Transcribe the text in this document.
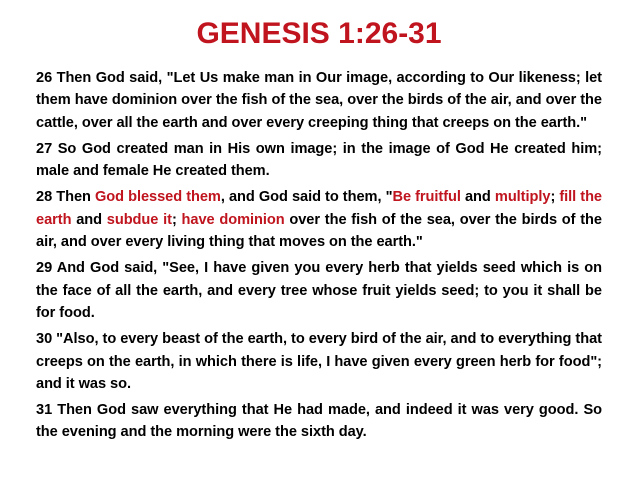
GENESIS 1:26-31

26 Then God said, "Let Us make man in Our image, according to Our likeness; let them have dominion over the fish of the sea, over the birds of the air, and over the cattle, over all the earth and over every creeping thing that creeps on the earth."

27 So God created man in His own image; in the image of God He created him; male and female He created them.

28 Then God blessed them, and God said to them, "Be fruitful and multiply; fill the earth and subdue it; have dominion over the fish of the sea, over the birds of the air, and over every living thing that moves on the earth."

29 And God said, "See, I have given you every herb that yields seed which is on the face of all the earth, and every tree whose fruit yields seed; to you it shall be for food.

30 "Also, to every beast of the earth, to every bird of the air, and to everything that creeps on the earth, in which there is life, I have given every green herb for food"; and it was so.

31 Then God saw everything that He had made, and indeed it was very good. So the evening and the morning were the sixth day.
